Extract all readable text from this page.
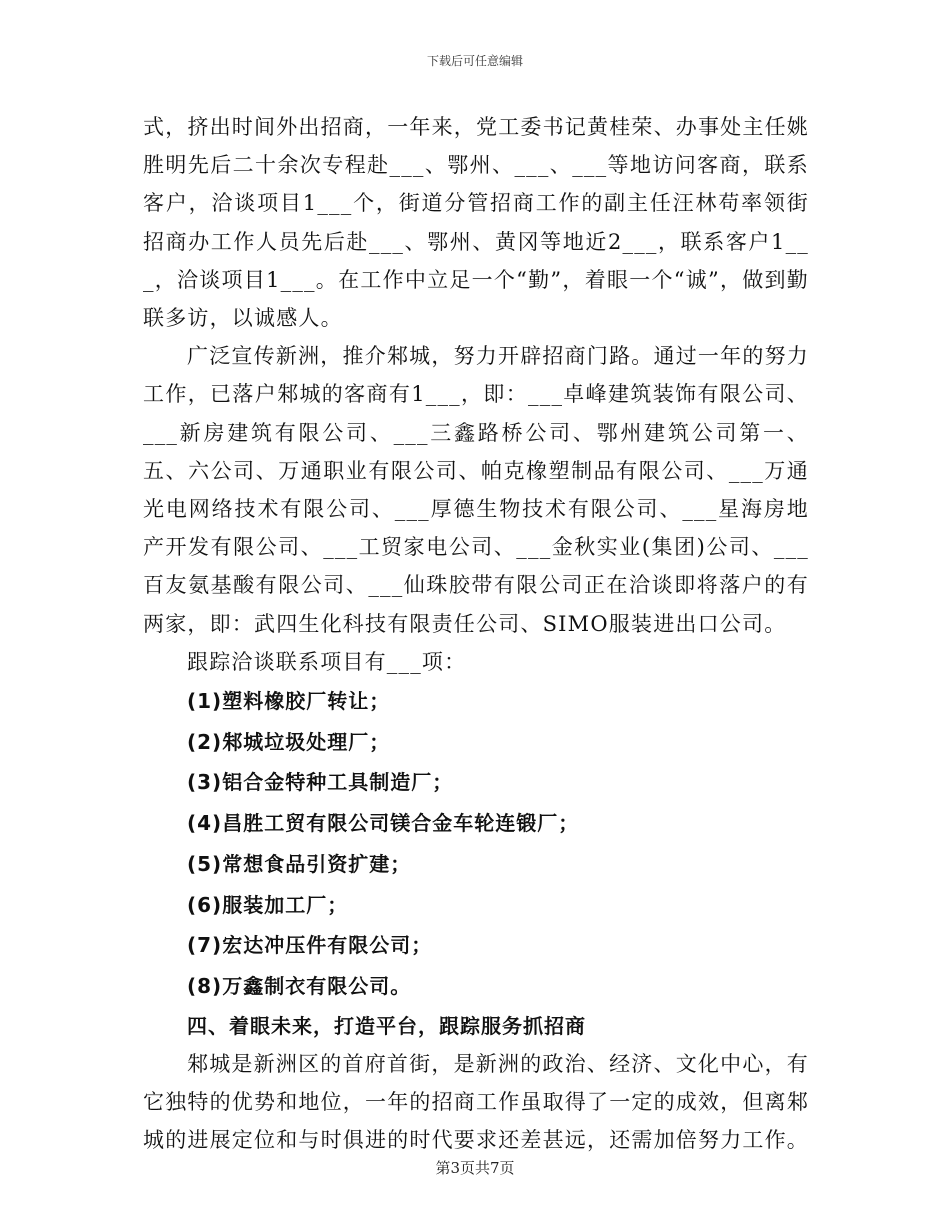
下载后可任意编辑

式，挤出时间外出招商，一年来，党工委书记黄桂荣、办事处主任姚胜明先后二十余次专程赴___、鄂州、___、___等地访问客商，联系客户，洽谈项目1___个，街道分管招商工作的副主任汪林苟率领街招商办工作人员先后赴___、鄂州、黄冈等地近2___，联系客户1___，洽谈项目1___。在工作中立足一个“勤”，着眼一个“诚”，做到勤联多访，以诚感人。

广泛宣传新洲，推介邾城，努力开辟招商门路。通过一年的努力工作，已落户邾城的客商有1___，即：___卓峰建筑装饰有限公司、___新房建筑有限公司、___三鑫路桥公司、鄂州建筑公司第一、五、六公司、万通职业有限公司、帕克橡塑制品有限公司、___万通光电网络技术有限公司、___厚德生物技术有限公司、___星海房地产开发有限公司、___工贸家电公司、___金秋实业(集团)公司、___百友氨基酸有限公司、___仙珠胶带有限公司正在洽谈即将落户的有两家，即：武四生化科技有限责任公司、SIMO服装进出口公司。

跟踪洽谈联系项目有___项：

(1)塑料橡胶厂转让；

(2)邾城垃圾处理厂；

(3)铝合金特种工具制造厂；

(4)昌胜工贸有限公司镁合金车轮连锻厂；

(5)常想食品引资扩建；

(6)服装加工厂；

(7)宏达冲压件有限公司；

(8)万鑫制衣有限公司。

四、着眼未来，打造平台，跟踪服务抓招商

邾城是新洲区的首府首街，是新洲的政治、经济、文化中心，有它独特的优势和地位，一年的招商工作虽取得了一定的成效，但离邾城的进展定位和与时俱进的时代要求还差甚远，还需加倍努力工作。

第3页共7页
